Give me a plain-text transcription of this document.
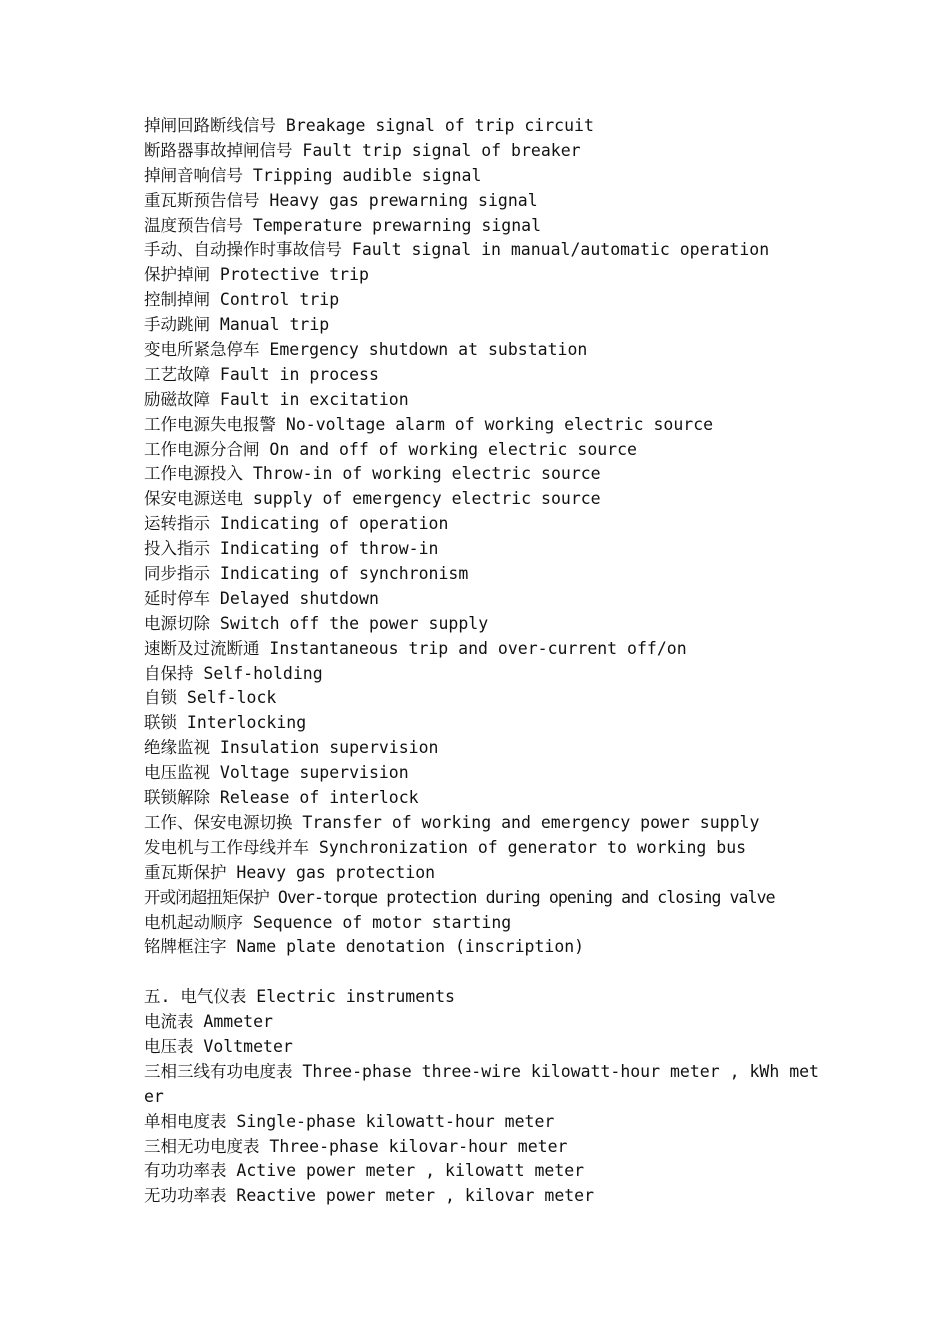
掉闸回路断线信号 Breakage signal of trip circuit
断路器事故掉闸信号 Fault trip signal of breaker
掉闸音响信号 Tripping audible signal
重瓦斯预告信号 Heavy gas prewarning signal
温度预告信号 Temperature prewarning signal
手动、自动操作时事故信号 Fault signal in manual/automatic operation
保护掉闸 Protective trip
控制掉闸 Control trip
手动跳闸 Manual trip
变电所紧急停车 Emergency shutdown at substation
工艺故障 Fault in process
励磁故障 Fault in excitation
工作电源失电报警 No-voltage alarm of working electric source
工作电源分合闸 On and off of working electric source
工作电源投入 Throw-in of working electric source
保安电源送电 supply of emergency electric source
运转指示 Indicating of operation
投入指示 Indicating of throw-in
同步指示 Indicating of synchronism
延时停车 Delayed shutdown
电源切除 Switch off the power supply
速断及过流断通 Instantaneous trip and over-current off/on
自保持 Self-holding
自锁 Self-lock
联锁 Interlocking
绝缘监视 Insulation supervision
电压监视 Voltage supervision
联锁解除 Release of interlock
工作、保安电源切换 Transfer of working and emergency power supply
发电机与工作母线并车 Synchronization of generator to working bus
重瓦斯保护 Heavy gas protection
开或闭超扭矩保护 Over-torque protection during opening and closing valve
电机起动顺序 Sequence of motor starting
铭牌框注字 Name plate denotation (inscription)
五. 电气仪表 Electric instruments
电流表 Ammeter
电压表 Voltmeter
三相三线有功电度表 Three-phase three-wire kilowatt-hour meter , kWh meter
单相电度表 Single-phase kilowatt-hour meter
三相无功电度表 Three-phase kilovar-hour meter
有功功率表 Active power meter , kilowatt meter
无功功率表 Reactive power meter , kilovar meter
